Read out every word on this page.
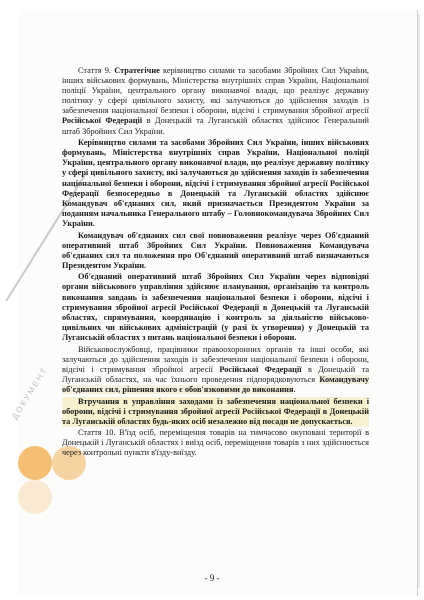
ДОКУМЕНТ

Стаття 9. Стратегічне керівництво силами та засобами Збройних Сил України, інших військових формувань, Міністерства внутрішніх справ України, Національної поліції України, центрального органу виконавчої влади, що реалізує державну політику у сфері цивільного захисту, які залучаються до здійснення заходів із забезпечення національної безпеки і оборони, відсічі і стримування збройної агресії Російської Федерації в Донецькій та Луганській областях здійснює Генеральний штаб Збройних Сил України.

Керівництво силами та засобами Збройних Сил України, інших військових формувань, Міністерства внутрішніх справ України, Національної поліції України, центрального органу виконавчої влади, що реалізує державну політику у сфері цивільного захисту, які залучаються до здійснення заходів із забезпечення національної безпеки і оборони, відсічі і стримування збройної агресії Російської Федерації безпосередньо в Донецькій та Луганській областях здійснює Командувач об'єднаних сил, який призначається Президентом України за поданням начальника Генерального штабу – Головнокомандувача Збройних Сил України.

Командувач об'єднаних сил свої повноваження реалізує через Об'єднаний оперативний штаб Збройних Сил України. Повноваження Командувача об'єднаних сил та положення про Об'єднаний оперативний штаб визначаються Президентом України.

Об'єднаний оперативний штаб Збройних Сил України через відповідні органи військового управління здійснює планування, організацію та контроль виконання завдань із забезпечення національної безпеки і оборони, відсічі і стримування збройної агресії Російської Федерації в Донецькій та Луганській областях, спрямування, координацію і контроль за діяльністю військово-цивільних чи військових адміністрацій (у разі їх утворення) у Донецькій та Луганській областях з питань національної безпеки і оборони.

Військовослужбовці, працівники правоохоронних органів та інші особи, які залучаються до здійснення заходів із забезпечення національної безпеки і оборони, відсічі і стримування збройної агресії Російської Федерації в Донецькій та Луганській областях, на час їхнього проведення підпорядковуються Командувачу об'єднаних сил, рішення якого є обов'язковими до виконання.

Втручання в управління заходами із забезпечення національної безпеки і оборони, відсічі і стримування збройної агресії Російської Федерації в Донецькій та Луганській областях будь-яких осіб незалежно від посади не допускається.

Стаття 10. В'їзд осіб, переміщення товарів на тимчасово окуповані території в Донецькій і Луганській областях і виїзд осіб, переміщення товарів з них здійснюється через контрольні пункти в'їзду-виїзду.

- 9 -
